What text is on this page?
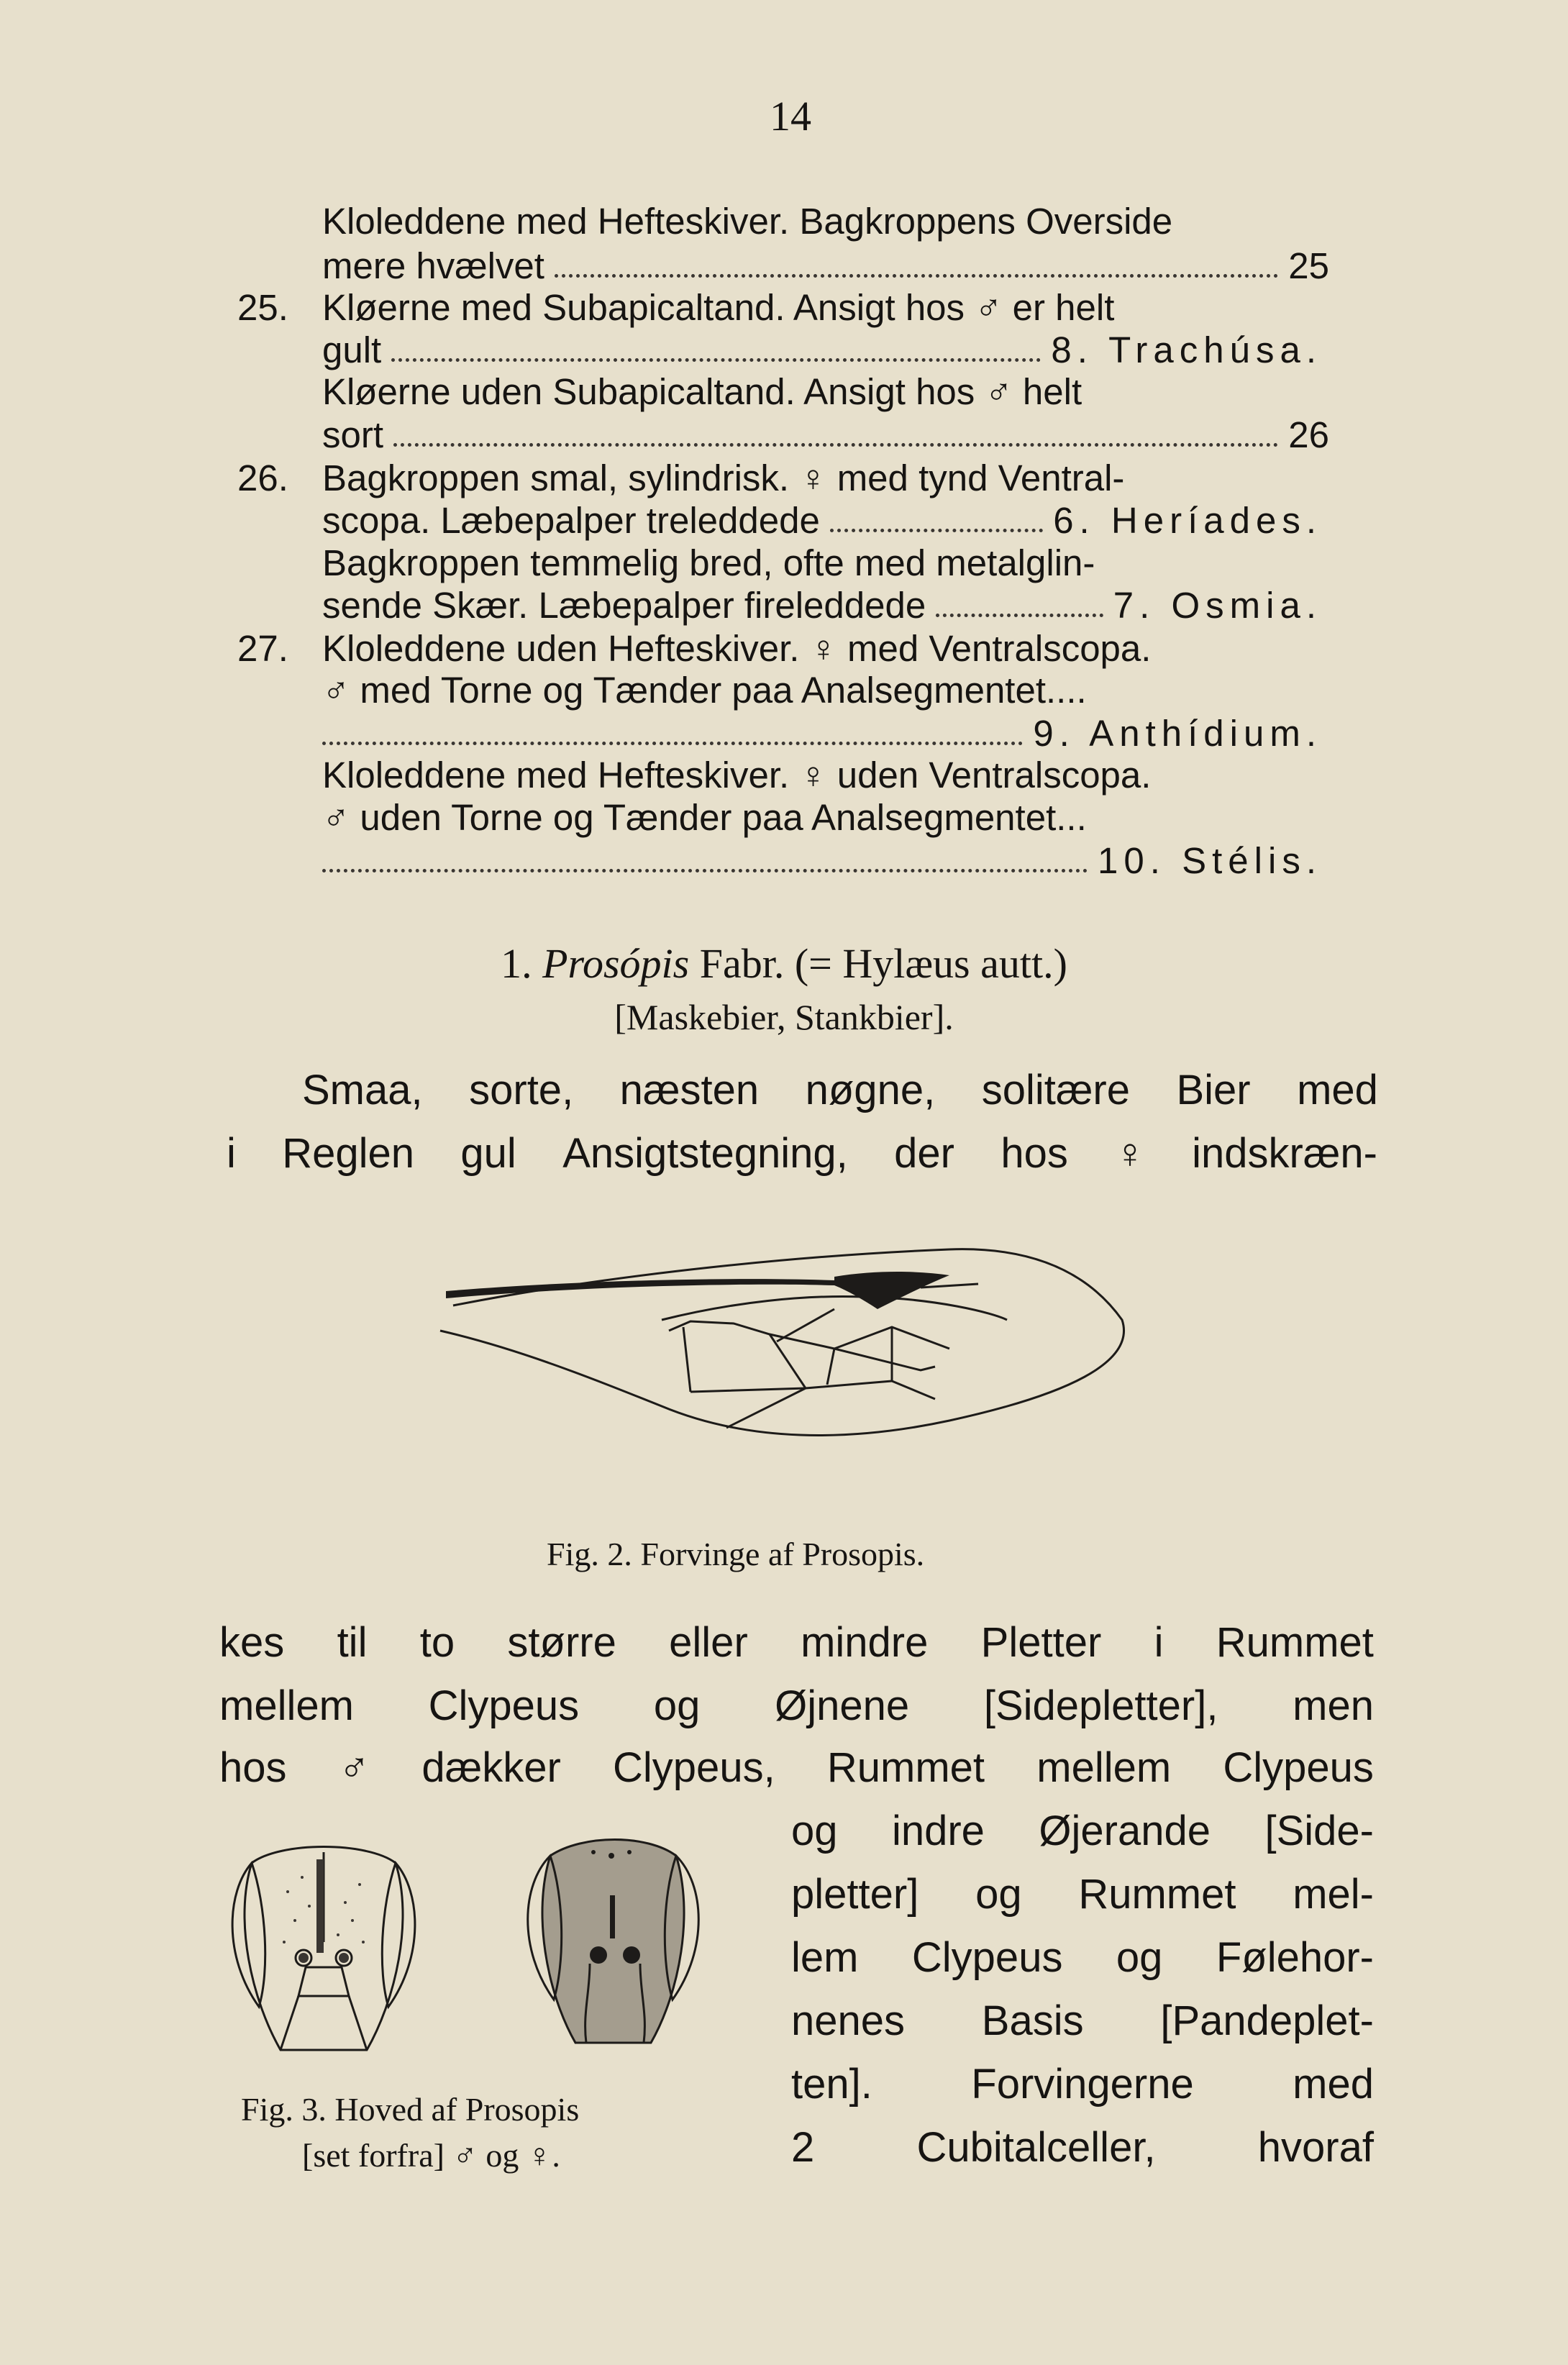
14
Kloleddene med Hefteskiver. Bagkroppens Overside
mere hvælvet	25
25. Kløerne med Subapicaltand. Ansigt hos ♂ er helt
gult	8. Trachúsa.
Kløerne uden Subapicaltand. Ansigt hos ♂ helt
sort	26
26. Bagkroppen smal, sylindrisk. ♀ med tynd Ventral-
scopa. Læbepalper treleddede	6. Heríades.
Bagkroppen temmelig bred, ofte med metalglin-
sende Skær. Læbepalper fireleddede	7. Osmia.
27. Kloleddene uden Hefteskiver. ♀ med Ventralscopa.
♂ med Torne og Tænder paa Analsegmentet....
9. Anthídium.
Kloleddene med Hefteskiver. ♀ uden Ventralscopa.
♂ uden Torne og Tænder paa Analsegmentet...
10. Stélis.
1. Prosópis Fabr. (= Hylæus autt.)
[Maskebier, Stankbier].
Smaa, sorte, næsten nøgne, solitære Bier med
i Reglen gul Ansigtstegning, der hos ♀ indskræn-
Fig. 2. Forvinge af Prosopis.
kes til to større eller mindre Pletter i Rummet
mellem Clypeus og Øjnene [Sidepletter], men
hos ♂ dækker Clypeus, Rummet mellem Clypeus
og indre Øjerande [Side-
pletter] og Rummet mel-
lem Clypeus og Følehor-
nenes Basis [Pandeplet-
ten]. Forvingerne med
2 Cubitalceller, hvoraf
Fig. 3. Hoved af Prosopis
[set forfra] ♂ og ♀.
